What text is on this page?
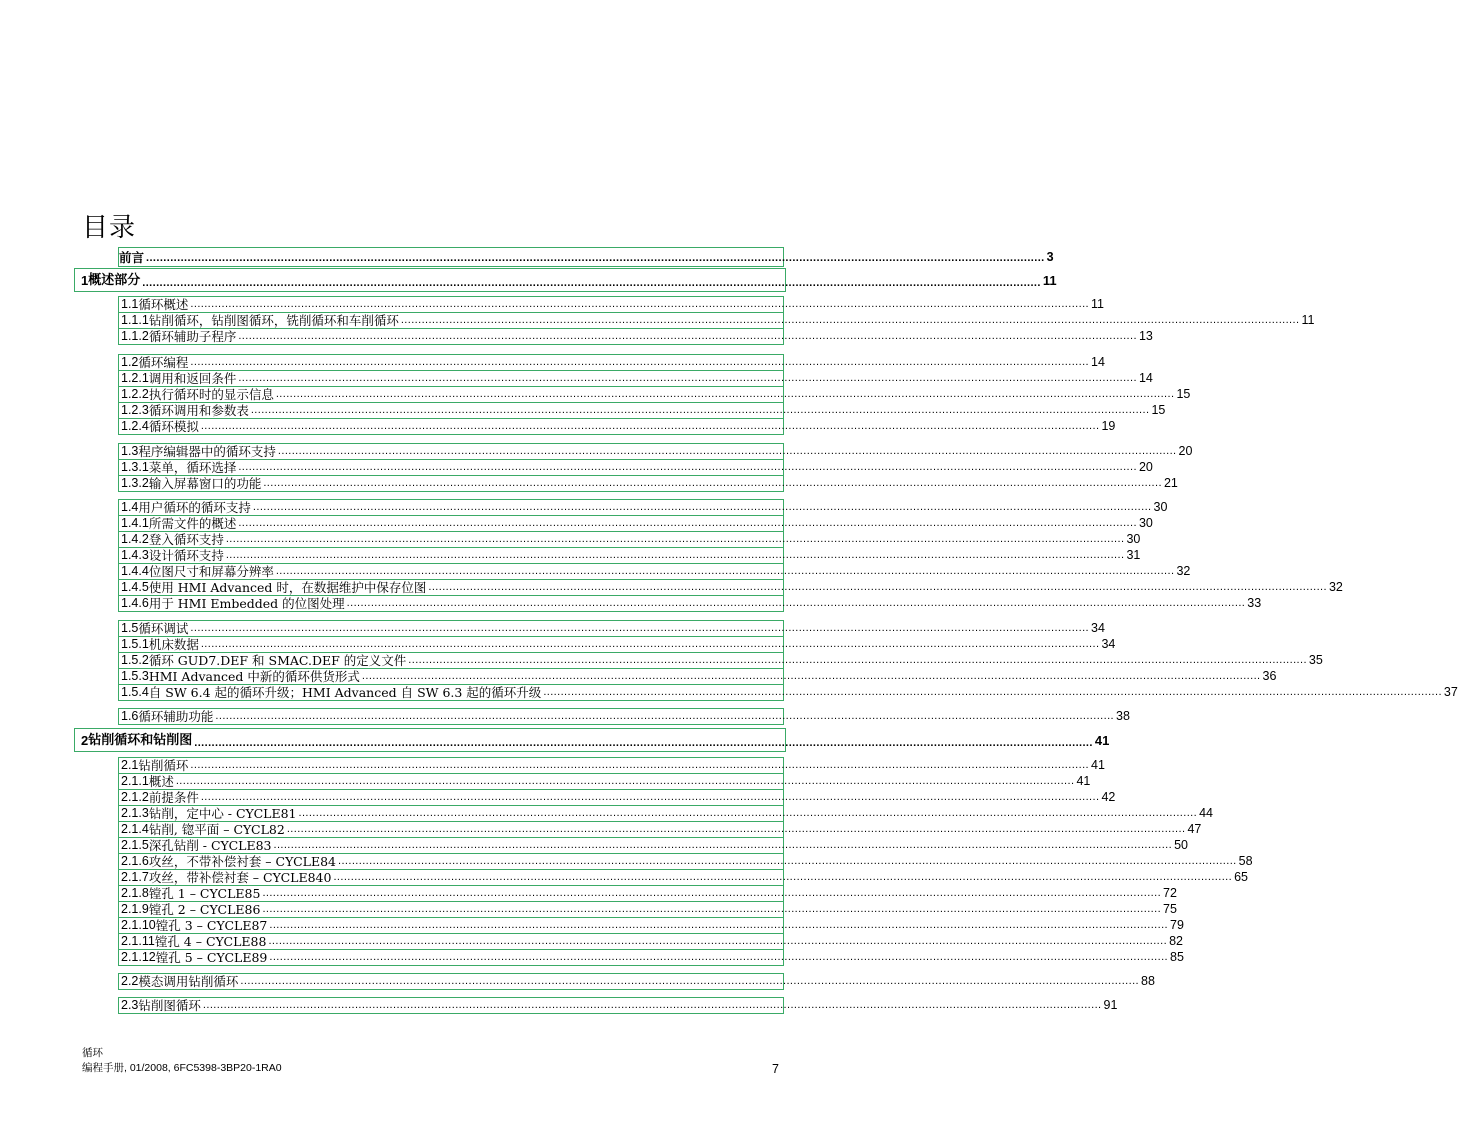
目录
前言 .................................................................................................................................................................................................................................................................... 3
1 概述部分 .................................................................................................................................................................................................................................................................... 11
2 钻削循环和钻削图 .................................................................................................................................................................................................................................................................... 41
1.1 循环概述 .................................................................................................................................................................................................................................................................... 11
1.1.1 钻削循环，钻削图循环，铣削循环和车削循环 .................................................................................................................................................................................................................................................................... 11
1.1.2 循环辅助子程序 .................................................................................................................................................................................................................................................................... 13
1.2 循环编程 .................................................................................................................................................................................................................................................................... 14
1.2.1 调用和返回条件 .................................................................................................................................................................................................................................................................... 14
1.2.2 执行循环时的显示信息 .................................................................................................................................................................................................................................................................... 15
1.2.3 循环调用和参数表 .................................................................................................................................................................................................................................................................... 15
1.2.4 循环模拟 .................................................................................................................................................................................................................................................................... 19
1.3 程序编辑器中的循环支持 .................................................................................................................................................................................................................................................................... 20
1.3.1 菜单，循环选择 .................................................................................................................................................................................................................................................................... 20
1.3.2 输入屏幕窗口的功能 .................................................................................................................................................................................................................................................................... 21
1.4 用户循环的循环支持 .................................................................................................................................................................................................................................................................... 30
1.4.1 所需文件的概述 .................................................................................................................................................................................................................................................................... 30
1.4.2 登入循环支持 .................................................................................................................................................................................................................................................................... 30
1.4.3 设计循环支持 .................................................................................................................................................................................................................................................................... 31
1.4.4 位图尺寸和屏幕分辨率 .................................................................................................................................................................................................................................................................... 32
1.4.5 使用 HMI Advanced 时，在数据维护中保存位图 .................................................................................................................................................................................................................................................................... 32
1.4.6 用于 HMI Embedded 的位图处理 .................................................................................................................................................................................................................................................................... 33
1.5 循环调试 .................................................................................................................................................................................................................................................................... 34
1.5.1 机床数据 .................................................................................................................................................................................................................................................................... 34
1.5.2 循环 GUD7.DEF 和 SMAC.DEF 的定义文件 .................................................................................................................................................................................................................................................................... 35
1.5.3 HMI Advanced 中新的循环供货形式 .................................................................................................................................................................................................................................................................... 36
1.5.4 自 SW 6.4 起的循环升级；HMI Advanced 自 SW 6.3 起的循环升级 .................................................................................................................................................................................................................................................................... 37
1.6 循环辅助功能 .................................................................................................................................................................................................................................................................... 38
2.1 钻削循环 .................................................................................................................................................................................................................................................................... 41
2.1.1 概述 .................................................................................................................................................................................................................................................................... 41
2.1.2 前提条件 .................................................................................................................................................................................................................................................................... 42
2.1.3 钻削，定中心 - CYCLE81 .................................................................................................................................................................................................................................................................... 44
2.1.4 钻削, 锪平面 – CYCL82 .................................................................................................................................................................................................................................................................... 47
2.1.5 深孔钻削 - CYCLE83 .................................................................................................................................................................................................................................................................... 50
2.1.6 攻丝，不带补偿衬套 – CYCLE84 .................................................................................................................................................................................................................................................................... 58
2.1.7 攻丝，带补偿衬套 – CYCLE840 .................................................................................................................................................................................................................................................................... 65
2.1.8 镗孔 1 – CYCLE85 .................................................................................................................................................................................................................................................................... 72
2.1.9 镗孔 2 – CYCLE86 .................................................................................................................................................................................................................................................................... 75
2.1.10 镗孔 3 – CYCLE87 .................................................................................................................................................................................................................................................................... 79
2.1.11 镗孔 4 – CYCLE88 .................................................................................................................................................................................................................................................................... 82
2.1.12 镗孔 5 – CYCLE89 .................................................................................................................................................................................................................................................................... 85
2.2 模态调用钻削循环 .................................................................................................................................................................................................................................................................... 88
2.3 钻削图循环 .................................................................................................................................................................................................................................................................... 91
循环
编程手册, 01/2008, 6FC5398-3BP20-1RA0	7
